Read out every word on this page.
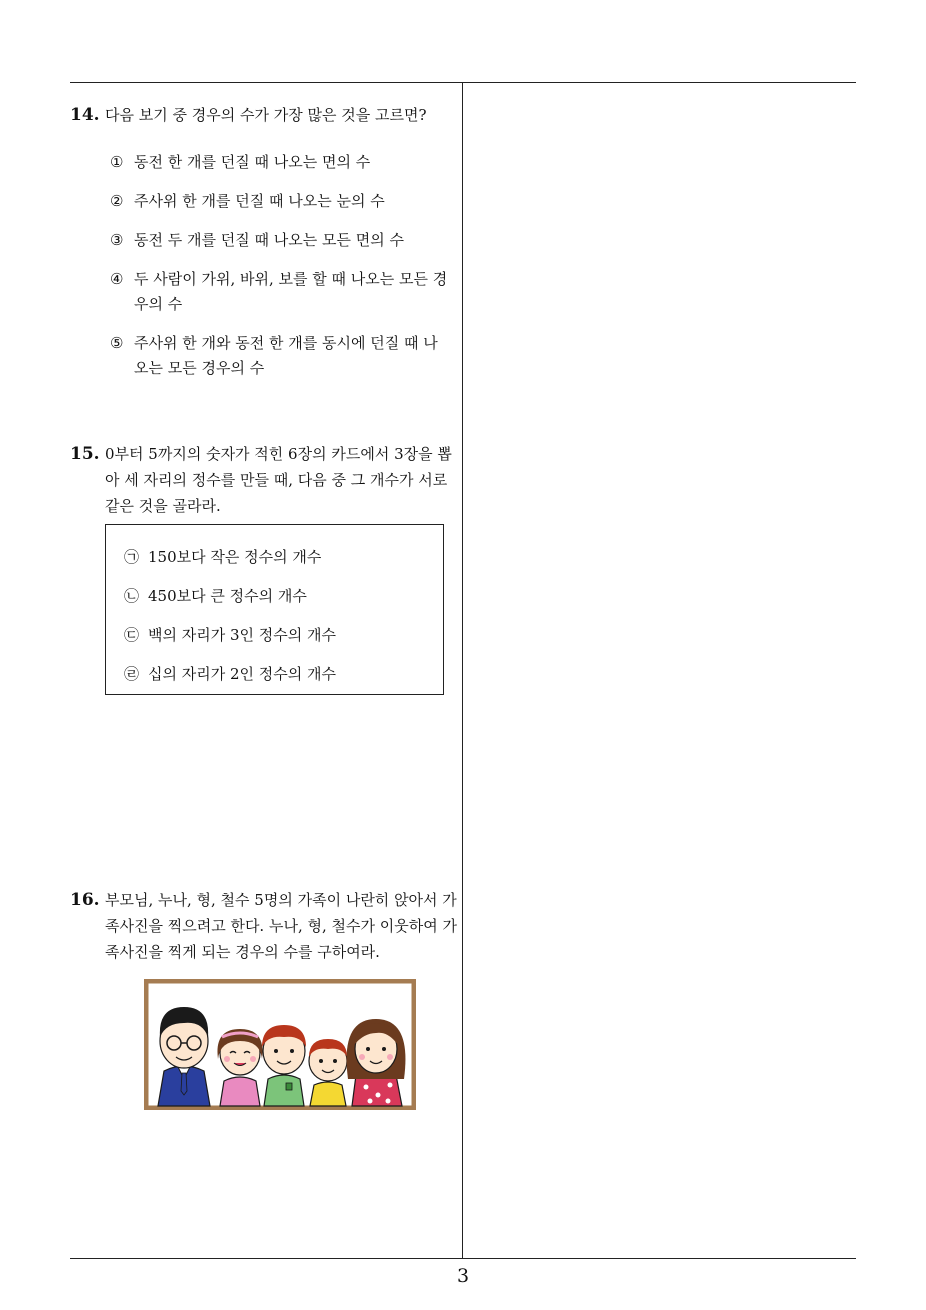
14. 다음 보기 중 경우의 수가 가장 많은 것을 고르면?
① 동전 한 개를 던질 때 나오는 면의 수
② 주사위 한 개를 던질 때 나오는 눈의 수
③ 동전 두 개를 던질 때 나오는 모든 면의 수
④ 두 사람이 가위, 바위, 보를 할 때 나오는 모든 경우의 수
⑤ 주사위 한 개와 동전 한 개를 동시에 던질 때 나오는 모든 경우의 수
15. 0부터 5까지의 숫자가 적힌 6장의 카드에서 3장을 뽑아 세 자리의 정수를 만들 때, 다음 중 그 개수가 서로 같은 것을 골라라.
㉠ 150보다 작은 정수의 개수
㉡ 450보다 큰 정수의 개수
㉢ 백의 자리가 3인 정수의 개수
㉣ 십의 자리가 2인 정수의 개수
16. 부모님, 누나, 형, 철수 5명의 가족이 나란히 앉아서 가족사진을 찍으려고 한다. 누나, 형, 철수가 이웃하여 가족사진을 찍게 되는 경우의 수를 구하여라.
3
